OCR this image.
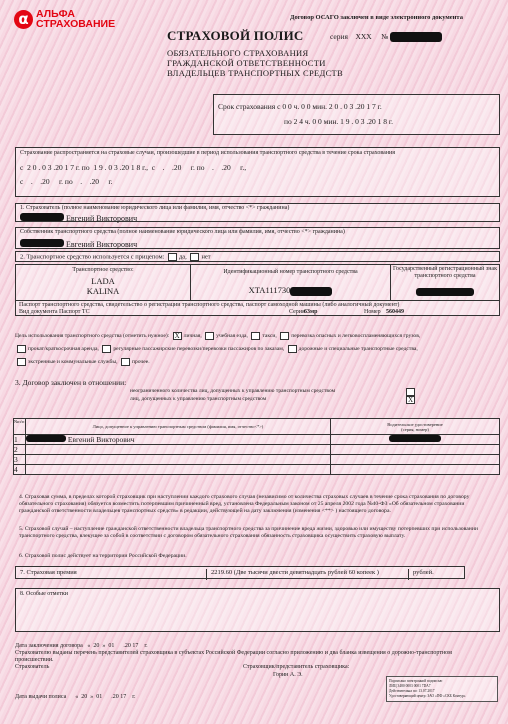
α АЛЬФА
СТРАХОВАНИЕ
Договор ОСАГО заключен в виде электронного документа
СТРАХОВОЙ ПОЛИС	серия ХХХ №
ОБЯЗАТЕЛЬНОГО СТРАХОВАНИЯ
ГРАЖДАНСКОЙ ОТВЕТСТВЕННОСТИ
ВЛАДЕЛЬЦЕВ ТРАНСПОРТНЫХ СРЕДСТВ
Срок страхования с 0 0 ч. 0 0 мин. 2 0 . 0 3 .20 1 7 г.
по 2 4 ч. 0 0 мин. 1 9 . 0 3 .20 1 8 г.
Страхование распространяется на страховые случаи, произошедшие в период использования транспортного средства в течение срока страхования
с  2 0 . 0 3 .20 1 7 г. по  1 9 . 0 3 .20 1 8 г.,  с    .    .20     г. по    .    .20     г.,
с    .    .20     г. по    .    .20     г.
1. Страхователь (полное наименование юридического лица или фамилия, имя, отчество <*> гражданина)
Евгений Викторович
Собственник транспортного средства (полное наименование юридического лица или фамилия, имя, отчество <*> гражданина)
Евгений Викторович
2. Транспортное средство используется с прицепом: да, нет
Транспортное средство:
LADA
KALINA
Идентификационный номер транспортного средства
XTA111730
Государственный регистрационный знак транспортного средства
Паспорт транспортного средства, свидетельство о регистрации транспортного средства, паспорт самоходной машины (либо аналогичный документ)
Вид документа Паспорт ТС	Серия 63мр	Номер 560449
Цель использования транспортного средства (отметить нужное): X личная,	учебная езда,	такси,	перевозка опасных и легковоспламеняющихся грузов,
прокат/краткосрочная аренда,	регулярные пассажирские перевозки/перевозки пассажиров по заказам,	дорожные и специальные транспортные средства,
экстренные и коммунальные службы,	прочее.
3. Договор заключен в отношении:
неограниченного количества лиц, допущенных к управлению транспортным средством
лиц, допущенных к управлению транспортным средством	X
№п/п	Лицо, допущенное к управлению транспортным средством (фамилия, имя, отчество<*>)	Водительское удостоверение (серия, номер)
1	Евгений Викторович	
2		
3		
4		
4. Страховая сумма, в пределах которой страховщик при наступлении каждого страхового случая (независимо от количества страховых случаев в течение срока страхования по договору обязательного страхования) обязуется возместить потерпевшим причиненный вред, установлена Федеральным законом от 25 апреля 2002 года №40-ФЗ «Об обязательном страховании гражданской ответственности владельцев транспортных средств» в редакции, действующей на дату заключения (изменения <**> ) настоящего договора.
5. Страховой случай – наступление гражданской ответственности владельца транспортного средства за причинение вреда жизни, здоровью или имуществу потерпевших при использовании транспортного средства, влекущее за собой в соответствии с договором обязательного страхования обязанность страховщика осуществить страховую выплату.
6. Страховой полис действует на территории Российской Федерации.
7. Страховая премия	2219.60 (Две тысячи двести девятнадцать рублей 60 копеек )	рублей.
8. Особые отметки
Дата заключения договора «  20  »  01      .20 17    г.
Страхователю выданы перечень представителей страховщика в субъектах Российской Федерации согласно приложению и два бланка извещения о дорожно-транспортном происшествии.
Страхователь	Страховщик/представитель страховщика:
Горин А. Э.
Дата выдачи полиса «  20  »  01      .20 17    г.
Подписано электронной подписью
ЛИЦ 3480 0003 0001 7DA7
Действительна по: 13.07.2017
Удостоверяющий центр: ЗАО «ПФ «СКБ Контур»
